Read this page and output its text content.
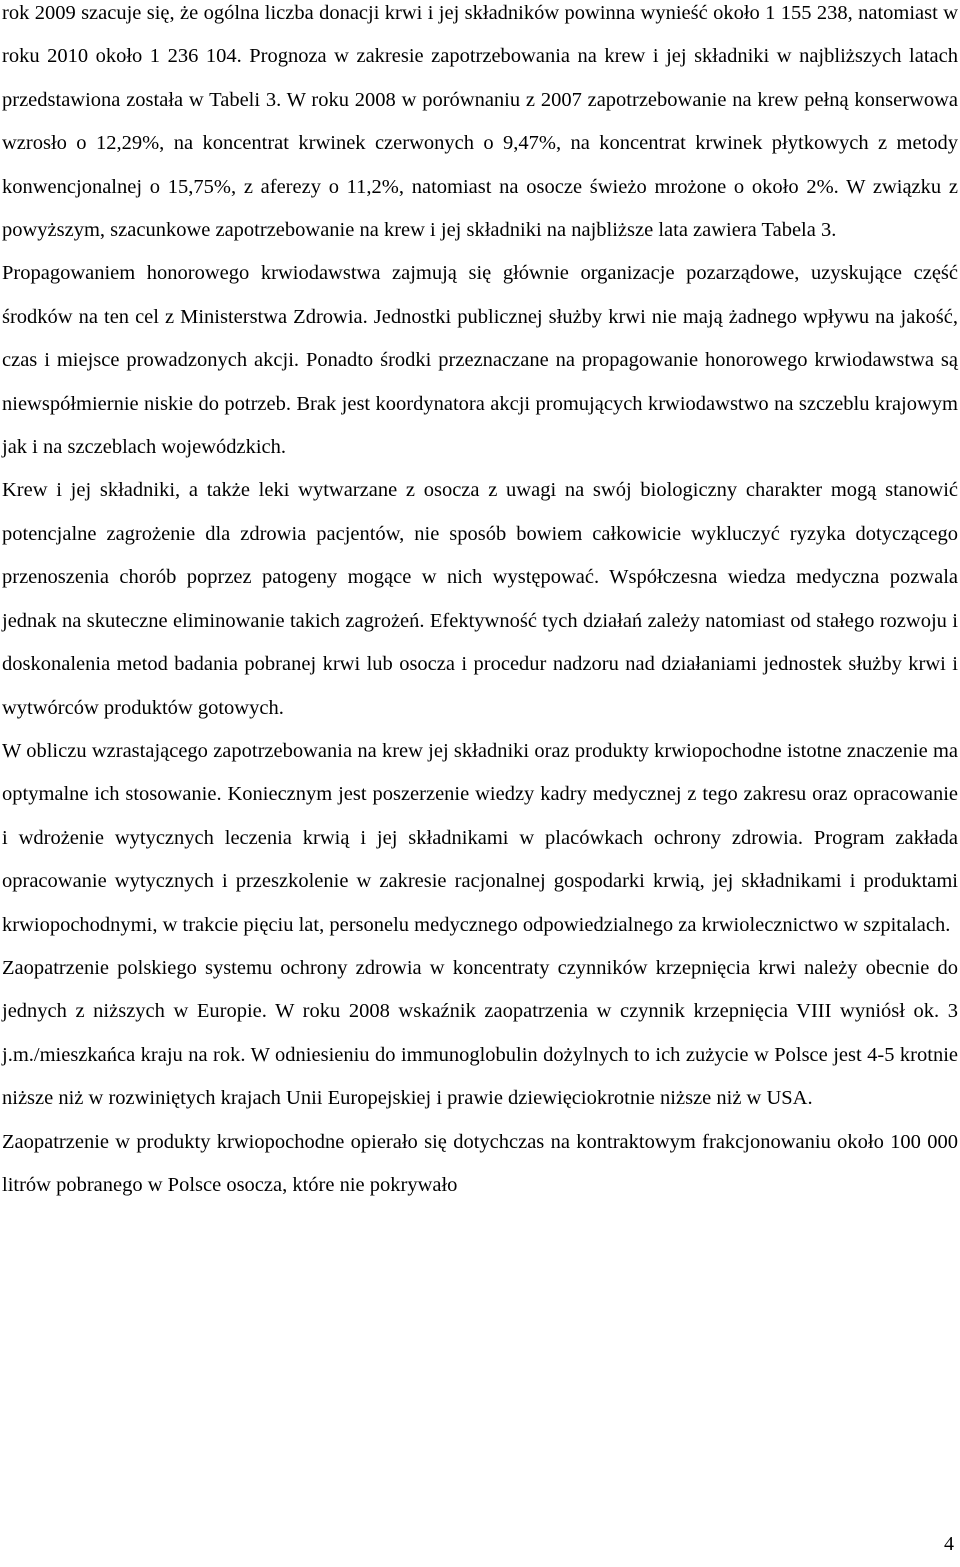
rok 2009 szacuje się, że ogólna liczba donacji krwi i jej składników powinna wynieść około 1 155 238, natomiast w roku 2010 około 1 236 104. Prognoza w zakresie zapotrzebowania na krew i jej składniki w najbliższych latach przedstawiona została w Tabeli 3. W roku 2008 w porównaniu z 2007 zapotrzebowanie na krew pełną konserwowa wzrosło o 12,29%, na koncentrat krwinek czerwonych o 9,47%, na koncentrat krwinek płytkowych z metody konwencjonalnej o 15,75%, z aferezy o 11,2%, natomiast na osocze świeżo mrożone o około 2%. W związku z powyższym, szacunkowe zapotrzebowanie na krew i jej składniki na najbliższe lata zawiera Tabela 3.

Propagowaniem honorowego krwiodawstwa zajmują się głównie organizacje pozarządowe, uzyskujące część środków na ten cel z Ministerstwa Zdrowia. Jednostki publicznej służby krwi nie mają żadnego wpływu na jakość, czas i miejsce prowadzonych akcji. Ponadto środki przeznaczane na propagowanie honorowego krwiodawstwa są niewspółmiernie niskie do potrzeb. Brak jest koordynatora akcji promujących krwiodawstwo na szczeblu krajowym jak i na szczeblach wojewódzkich.

Krew i jej składniki, a także leki wytwarzane z osocza z uwagi na swój biologiczny charakter mogą stanowić potencjalne zagrożenie dla zdrowia pacjentów, nie sposób bowiem całkowicie wykluczyć ryzyka dotyczącego przenoszenia chorób poprzez patogeny mogące w nich występować. Współczesna wiedza medyczna pozwala jednak na skuteczne eliminowanie takich zagrożeń. Efektywność tych działań zależy natomiast od stałego rozwoju i doskonalenia metod badania pobranej krwi lub osocza i procedur nadzoru nad działaniami jednostek służby krwi i wytwórców produktów gotowych.

W obliczu wzrastającego zapotrzebowania na krew jej składniki oraz produkty krwiopochodne istotne znaczenie ma optymalne ich stosowanie. Koniecznym jest poszerzenie wiedzy kadry medycznej z tego zakresu oraz opracowanie i wdrożenie wytycznych leczenia krwią i jej składnikami w placówkach ochrony zdrowia. Program zakłada opracowanie wytycznych i przeszkolenie w zakresie racjonalnej gospodarki krwią, jej składnikami i produktami krwiopochodnymi, w trakcie pięciu lat, personelu medycznego odpowiedzialnego za krwiolecznictwo w szpitalach.

Zaopatrzenie polskiego systemu ochrony zdrowia w koncentraty czynników krzepnięcia krwi należy obecnie do jednych z niższych w Europie. W roku 2008 wskaźnik zaopatrzenia w czynnik krzepnięcia VIII wyniósł ok. 3 j.m./mieszkańca kraju na rok. W odniesieniu do immunoglobulin dożylnych to ich zużycie w Polsce jest 4-5 krotnie niższe niż w rozwiniętych krajach Unii Europejskiej i prawie dziewięciokrotnie niższe niż w USA.

Zaopatrzenie w produkty krwiopochodne opierało się dotychczas na kontraktowym frakcjonowaniu około 100 000 litrów pobranego w Polsce osocza, które nie pokrywało

4
